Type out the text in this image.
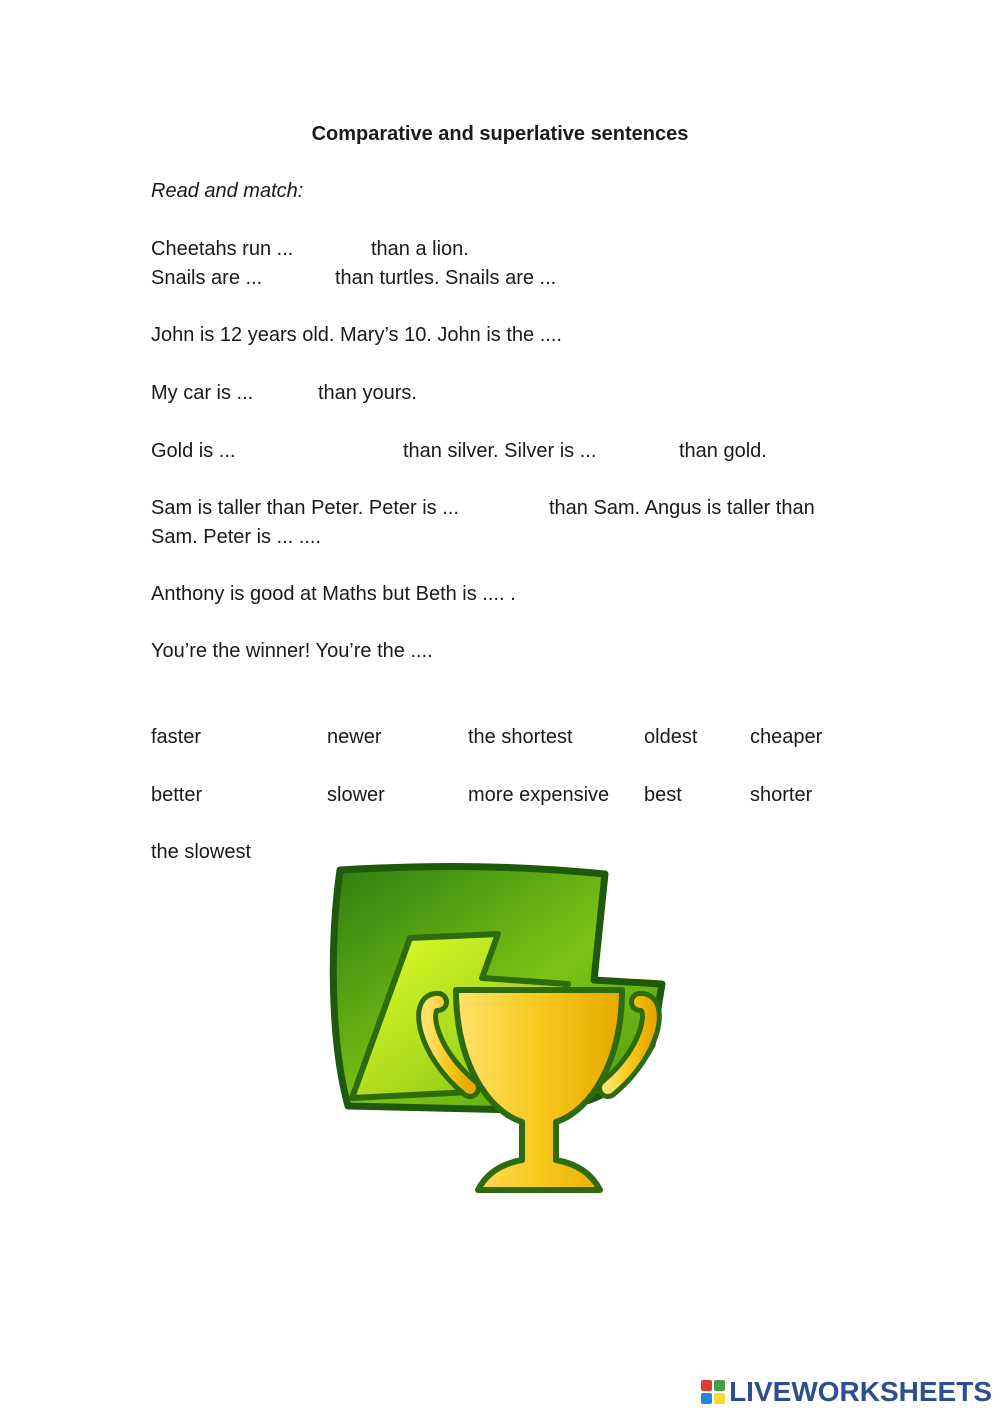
Comparative and superlative sentences
Read and match:
Cheetahs run ...	than a lion.
Snails are ...	than turtles. Snails are ...
John is 12 years old. Mary’s 10. John is the ....
My car is ...	than yours.
Gold is ...	than silver. Silver is ...	than gold.
Sam is taller than Peter. Peter is ...	than Sam. Angus is taller than
Sam. Peter is ... ....
Anthony is good at Maths but Beth is .... .
You’re the winner! You’re the ....
faster	newer	the shortest	oldest	cheaper
better	slower	more expensive best	shorter
the slowest
LIVEWORKSHEETS
